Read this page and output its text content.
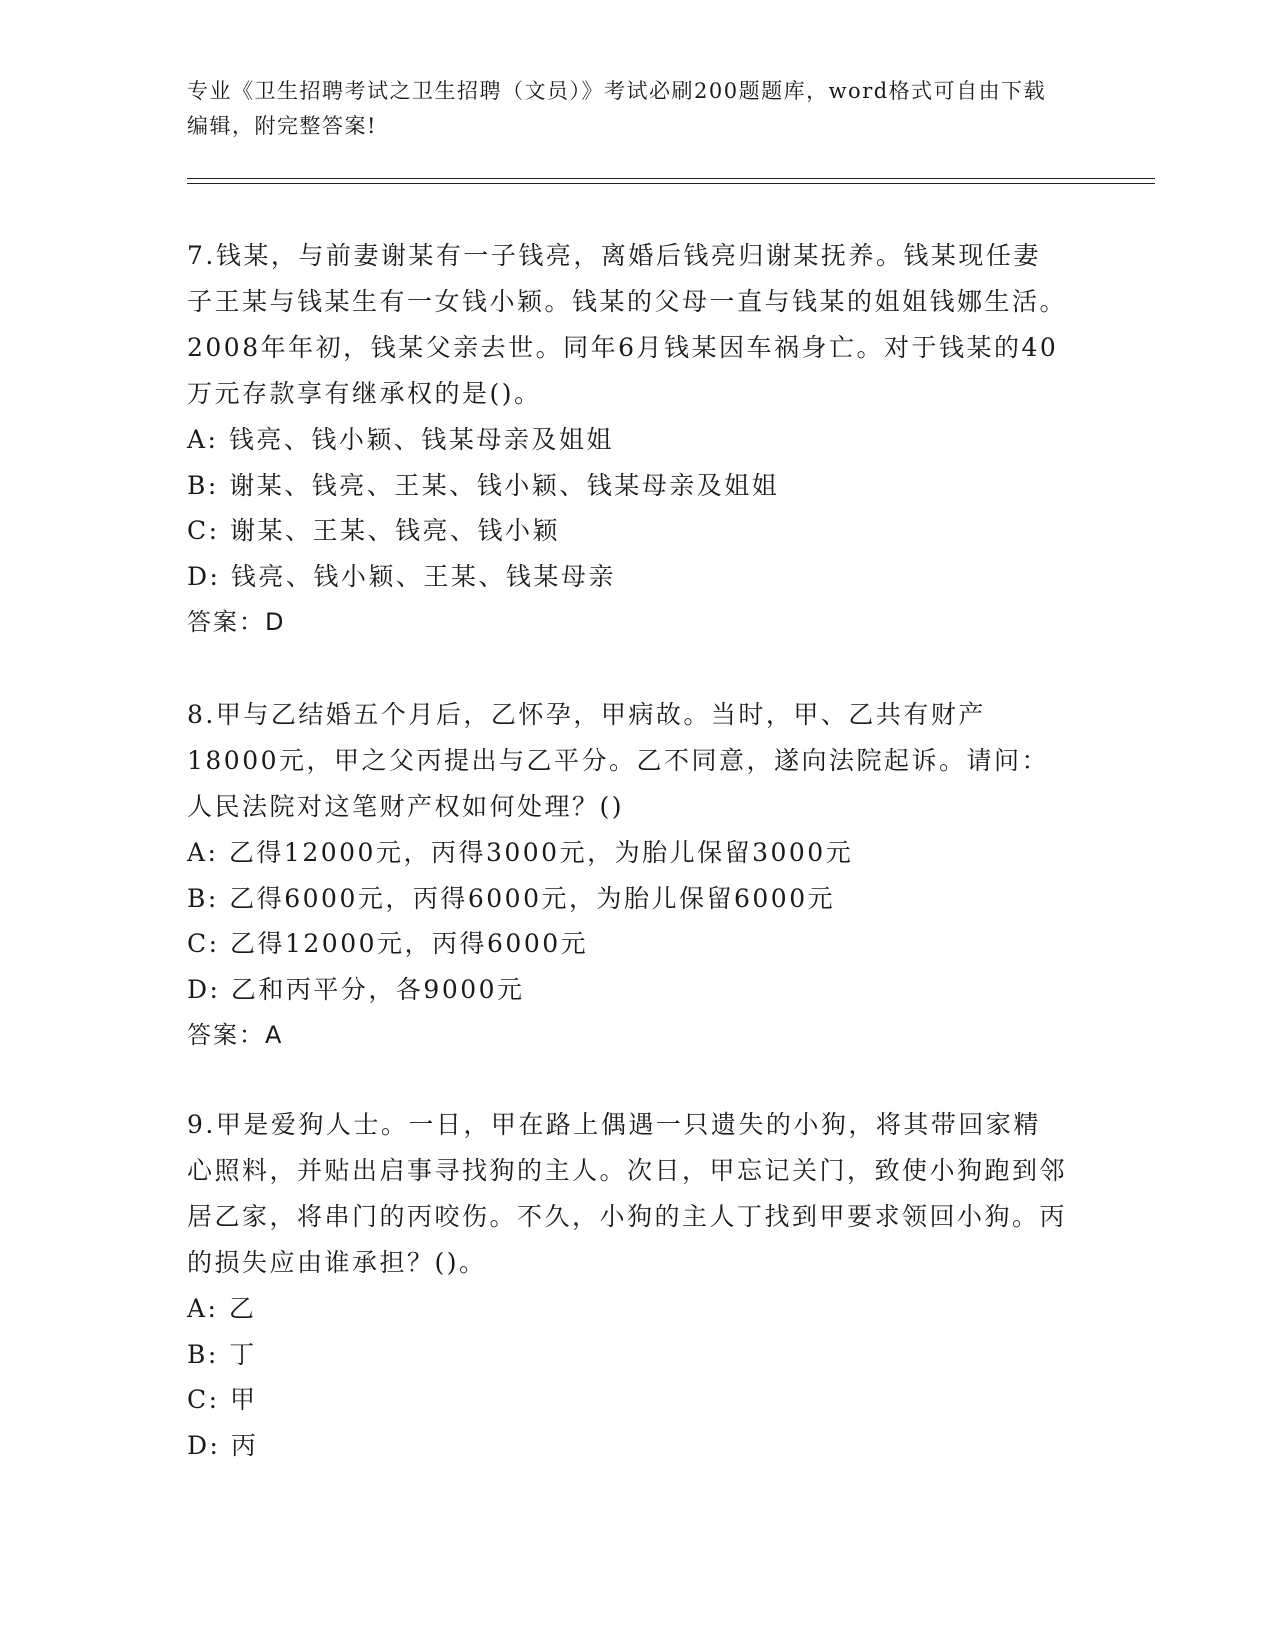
专业《卫生招聘考试之卫生招聘（文员）》考试必刷200题题库，word格式可自由下载编辑，附完整答案!
7.钱某，与前妻谢某有一子钱亮，离婚后钱亮归谢某抚养。钱某现任妻子王某与钱某生有一女钱小颖。钱某的父母一直与钱某的姐姐钱娜生活。2008年年初，钱某父亲去世。同年6月钱某因车祸身亡。对于钱某的40万元存款享有继承权的是()。
A: 钱亮、钱小颖、钱某母亲及姐姐
B: 谢某、钱亮、王某、钱小颖、钱某母亲及姐姐
C: 谢某、王某、钱亮、钱小颖
D: 钱亮、钱小颖、王某、钱某母亲
答案：D
8.甲与乙结婚五个月后，乙怀孕，甲病故。当时，甲、乙共有财产18000元，甲之父丙提出与乙平分。乙不同意，遂向法院起诉。请问：人民法院对这笔财产权如何处理？()
A: 乙得12000元，丙得3000元，为胎儿保留3000元
B: 乙得6000元，丙得6000元，为胎儿保留6000元
C: 乙得12000元，丙得6000元
D: 乙和丙平分，各9000元
答案：A
9.甲是爱狗人士。一日，甲在路上偶遇一只遗失的小狗，将其带回家精心照料，并贴出启事寻找狗的主人。次日，甲忘记关门，致使小狗跑到邻居乙家，将串门的丙咬伤。不久，小狗的主人丁找到甲要求领回小狗。丙的损失应由谁承担？()。
A: 乙
B: 丁
C: 甲
D: 丙
